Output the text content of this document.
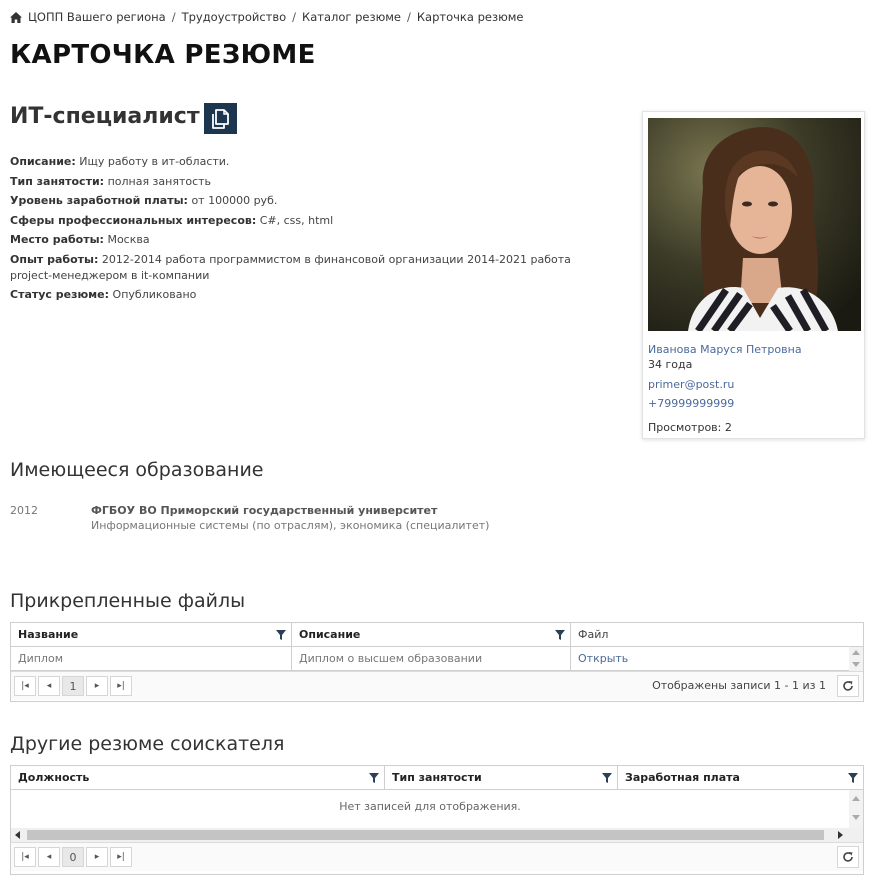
ЦОПП Вашего региона / Трудоустройство / Каталог резюме / Карточка резюме
КАРТОЧКА РЕЗЮМЕ
ИТ-специалист
Описание: Ищу работу в ит-области.
Тип занятости: полная занятость
Уровень заработной платы: от 100000 руб.
Сферы профессиональных интересов: C#, css, html
Место работы: Москва
Опыт работы: 2012-2014 работа программистом в финансовой организации 2014-2021 работа project-менеджером в it-компании
Статус резюме: Опубликовано
Иванова Маруся Петровна
34 года
primer@post.ru
+79999999999
Просмотров: 2
Имеющееся образование
2012	ФГБОУ ВО Приморский государственный университет
Информационные системы (по отраслям), экономика (специалитет)
Прикрепленные файлы
Название	Описание	Файл
Диплом	Диплом о высшем образовании	Открыть
|◂	◂	1	▸	▸|	Отображены записи 1 - 1 из 1
Другие резюме соискателя
Должность	Тип занятости	Заработная плата
Нет записей для отображения.
|◂	◂	0	▸	▸|
